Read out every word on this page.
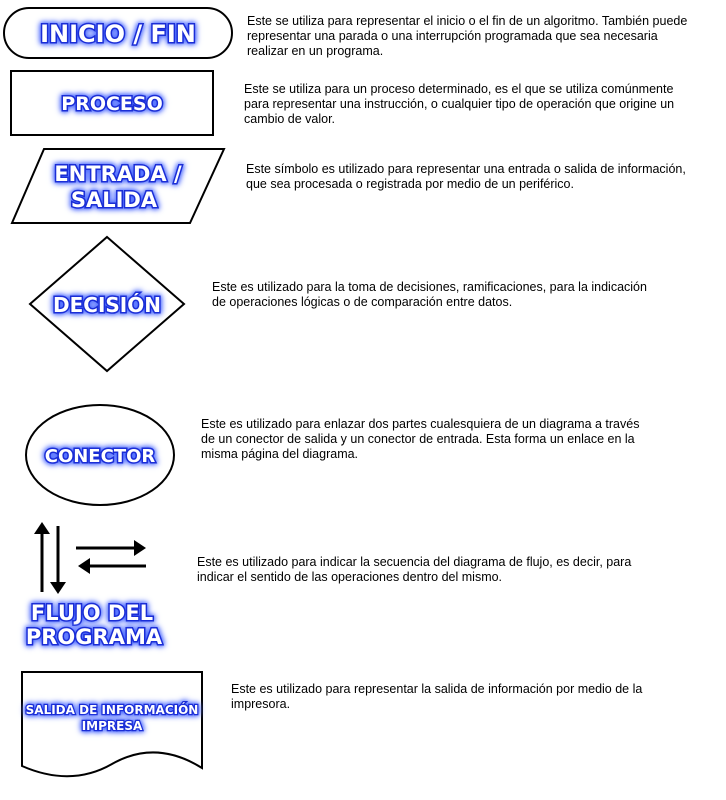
INICIO / FIN	Este se utiliza para representar el inicio o el fin de un algoritmo. También puede
representar una parada o una interrupción programada que sea necesaria
realizar en un programa.
PROCESO
Este se utiliza para un proceso determinado, es el que se utiliza comúnmente
para representar una instrucción, o cualquier tipo de operación que origine un
cambio de valor.
ENTRADA /
SALIDA
Este símbolo es utilizado para representar una entrada o salida de información,
que sea procesada o registrada por medio de un periférico.
DECISIÓN
Este es utilizado para la toma de decisiones, ramificaciones, para la indicación
de operaciones lógicas o de comparación entre datos.
CONECTOR
Este es utilizado para enlazar dos partes cualesquiera de un diagrama a través
de un conector de salida y un conector de entrada. Esta forma un enlace en la
misma página del diagrama.
FLUJO DEL
PROGRAMA
Este es utilizado para indicar la secuencia del diagrama de flujo, es decir, para
indicar el sentido de las operaciones dentro del mismo.
SALIDA DE INFORMACIÓN
IMPRESA
Este es utilizado para representar la salida de información por medio de la
impresora.
